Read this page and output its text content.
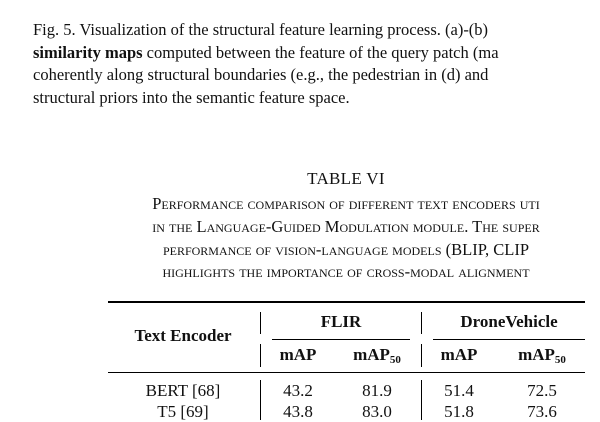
Fig. 5. Visualization of the structural feature learning process. (a)-(b)
similarity maps computed between the feature of the query patch (ma
coherently along structural boundaries (e.g., the pedestrian in (d) and
structural priors into the semantic feature space.
TABLE VI
Performance comparison of different text encoders uti
in the Language-Guided Modulation module. The super
performance of vision-language models (BLIP, CLIP
highlights the importance of cross-modal alignment
Text Encoder
FLIR	DroneVehicle
mAP	mAP$_{50}$	mAP	mAP$_{50}$
BERT [68]	43.2	81.9	51.4	72.5
T5 [69]	43.8	83.0	51.8	73.6
